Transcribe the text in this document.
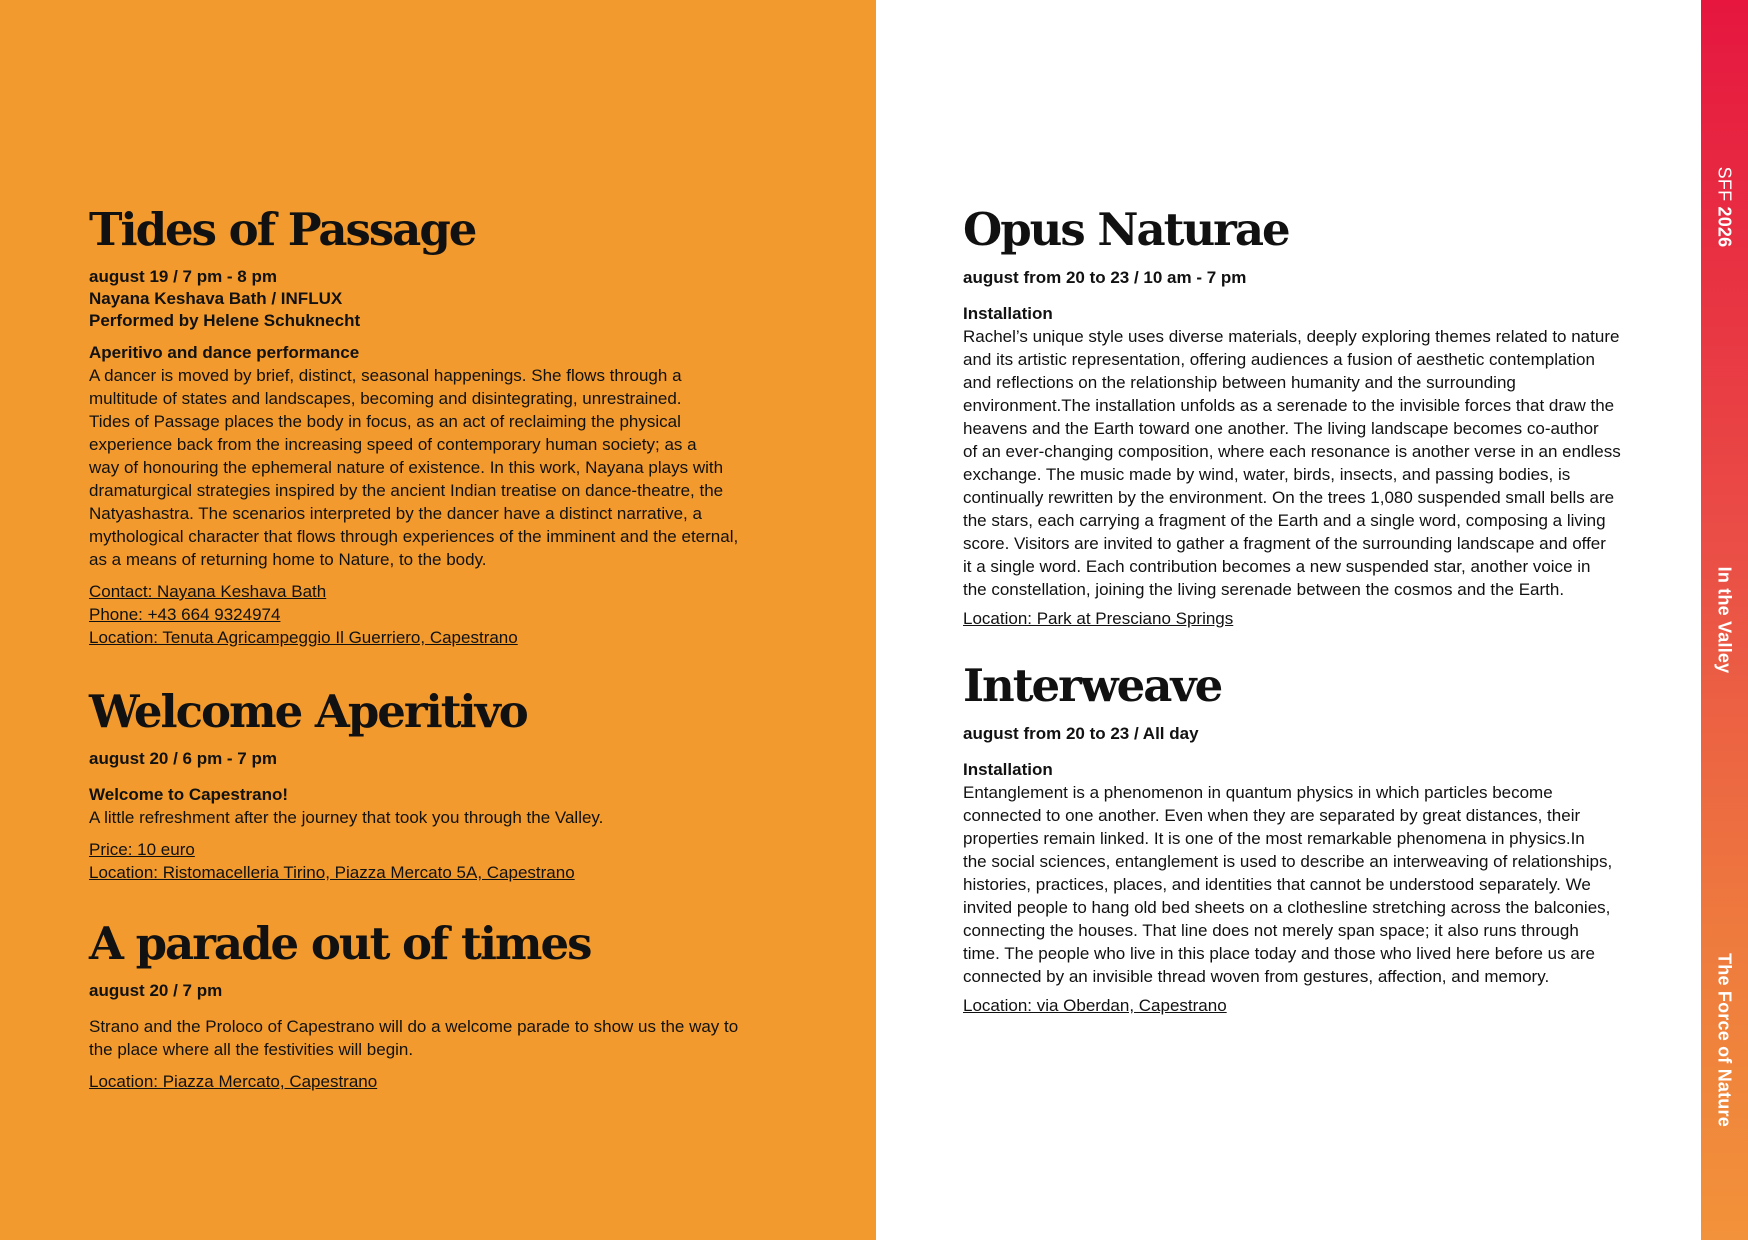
SFF 2026
In the Valley
The Force of Nature
Tides of Passage

august 19 / 7 pm - 8 pm

Nayana Keshava Bath / INFLUX

Performed by Helene Schuknecht

Aperitivo and dance performance

A dancer is moved by brief, distinct, seasonal happenings. She flows through a

multitude of states and landscapes, becoming and disintegrating, unrestrained.

Tides of Passage places the body in focus, as an act of reclaiming the physical

experience back from the increasing speed of contemporary human society; as a

way of honouring the ephemeral nature of existence. In this work, Nayana plays with

dramaturgical strategies inspired by the ancient Indian treatise on dance-theatre, the

Natyashastra. The scenarios interpreted by the dancer have a distinct narrative, a

mythological character that flows through experiences of the imminent and the eternal,

as a means of returning home to Nature, to the body.

Contact: Nayana Keshava Bath
Phone: +43 664 9324974
Location: Tenuta Agricampeggio Il Guerriero, Capestrano
Welcome Aperitivo

august 20 / 6 pm - 7 pm

Welcome to Capestrano!

A little refreshment after the journey that took you through the Valley.

Price: 10 euro
Location: Ristomacelleria Tirino, Piazza Mercato 5A, Capestrano
A parade out of times

august 20 / 7 pm

Strano and the Proloco of Capestrano will do a welcome parade to show us the way to

the place where all the festivities will begin.

Location: Piazza Mercato, Capestrano
Opus Naturae

august from 20 to 23 / 10 am - 7 pm

Installation

Rachel’s unique style uses diverse materials, deeply exploring themes related to nature

and its artistic representation, offering audiences a fusion of aesthetic contemplation

and reflections on the relationship between humanity and the surrounding

environment.The installation unfolds as a serenade to the invisible forces that draw the

heavens and the Earth toward one another. The living landscape becomes co-author

of an ever-changing composition, where each resonance is another verse in an endless

exchange. The music made by wind, water, birds, insects, and passing bodies, is

continually rewritten by the environment. On the trees 1,080 suspended small bells are

the stars, each carrying a fragment of the Earth and a single word, composing a living

score. Visitors are invited to gather a fragment of the surrounding landscape and offer

it a single word. Each contribution becomes a new suspended star, another voice in

the constellation, joining the living serenade between the cosmos and the Earth.

Location: Park at Presciano Springs
Interweave

august from 20 to 23 / All day

Installation

Entanglement is a phenomenon in quantum physics in which particles become

connected to one another. Even when they are separated by great distances, their

properties remain linked. It is one of the most remarkable phenomena in physics.In

the social sciences, entanglement is used to describe an interweaving of relationships,

histories, practices, places, and identities that cannot be understood separately. We

invited people to hang old bed sheets on a clothesline stretching across the balconies,

connecting the houses. That line does not merely span space; it also runs through

time. The people who live in this place today and those who lived here before us are

connected by an invisible thread woven from gestures, affection, and memory.

Location: via Oberdan, Capestrano
